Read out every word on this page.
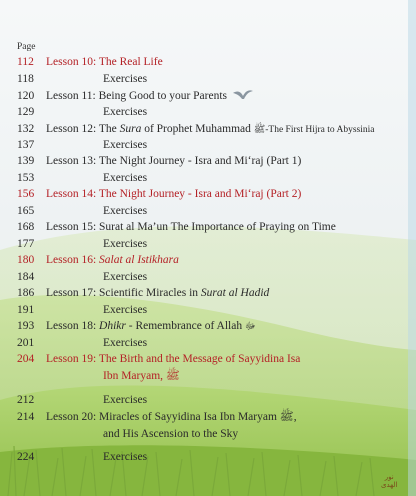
Page
112 Lesson 10: The Real Life
118	Exercises
120 Lesson 11: Being Good to your Parents
129	Exercises
132 Lesson 12: The Sura of Prophet Muhammad ﷺ-The First Hijra to Abyssinia
137	Exercises
139 Lesson 13: The Night Journey - Isra and Mi‘raj (Part 1)
153	Exercises
156 Lesson 14: The Night Journey - Isra and Mi‘raj (Part 2)
165	Exercises
168 Lesson 15: Surat al Ma’un The Importance of Praying on Time
177	Exercises
180 Lesson 16: Salat al Istikhara
184	Exercises
186 Lesson 17: Scientific Miracles in Surat al Hadid
191	Exercises
193 Lesson 18: Dhikr - Remembrance of Allah ﷻ
201	Exercises
204 Lesson 19: The Birth and the Message of Sayyidina Isa
Ibn Maryam, ﷺ
212	Exercises
214 Lesson 20: Miracles of Sayyidina Isa Ibn Maryam ﷺ,
and His Ascension to the Sky
224	Exercises
نور
الهدى
